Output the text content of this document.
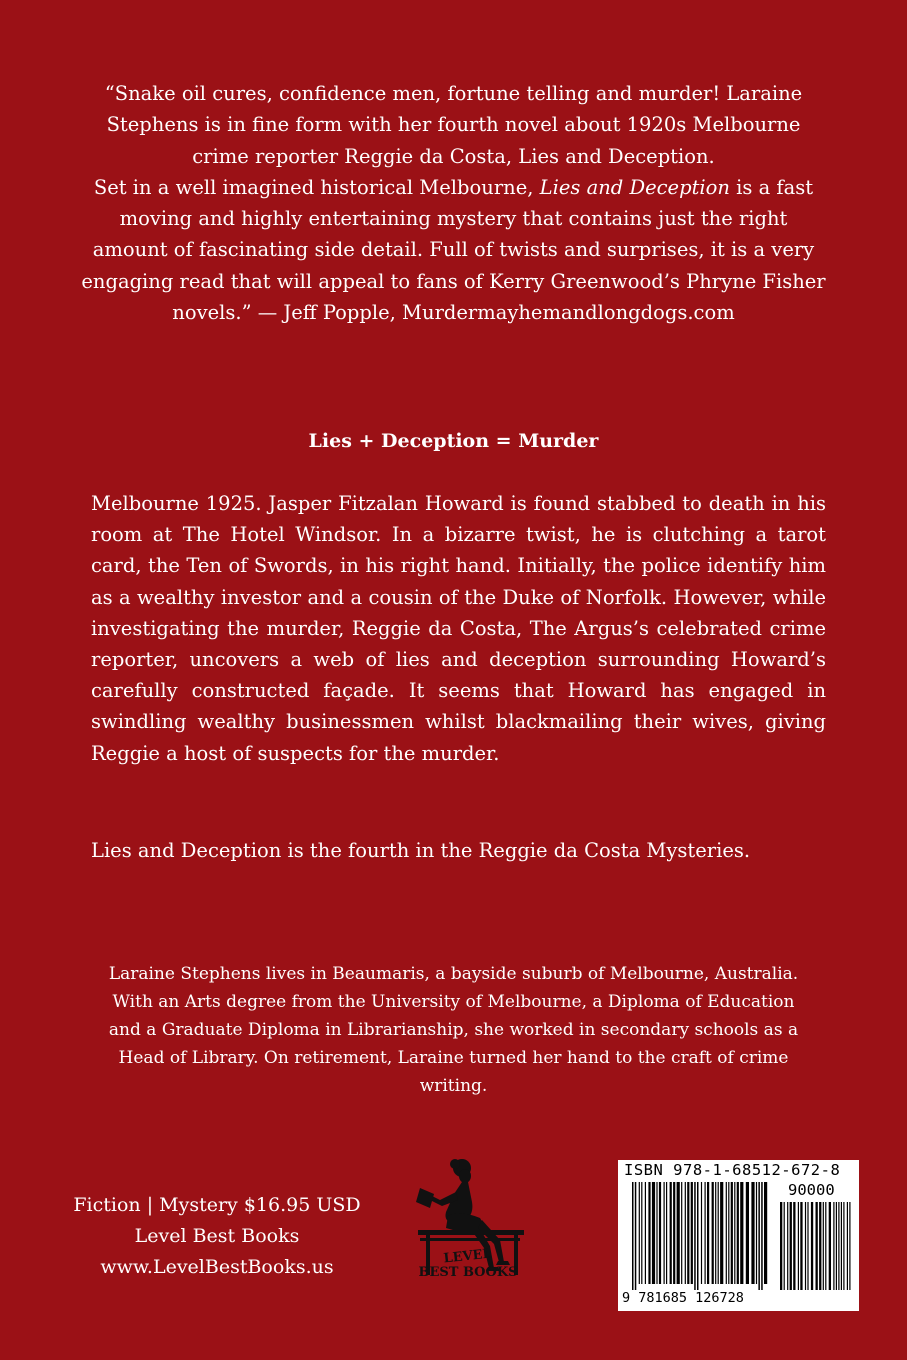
“Snake oil cures, confidence men, fortune telling and murder! Laraine Stephens is in fine form with her fourth novel about 1920s Melbourne crime reporter Reggie da Costa, Lies and Deception.
Set in a well imagined historical Melbourne, Lies and Deception is a fast moving and highly entertaining mystery that contains just the right amount of fascinating side detail. Full of twists and surprises, it is a very engaging read that will appeal to fans of Kerry Greenwood’s Phryne Fisher novels.” — Jeff Popple, Murdermayhemandlongdogs.com
Lies + Deception = Murder
Melbourne 1925. Jasper Fitzalan Howard is found stabbed to death in his room at The Hotel Windsor. In a bizarre twist, he is clutching a tarot card, the Ten of Swords, in his right hand. Initially, the police identify him as a wealthy investor and a cousin of the Duke of Norfolk. However, while investigating the murder, Reggie da Costa, The Argus’s celebrated crime reporter, uncovers a web of lies and deception surrounding Howard’s carefully constructed façade. It seems that Howard has engaged in swindling wealthy businessmen whilst blackmailing their wives, giving Reggie a host of suspects for the murder.
Lies and Deception is the fourth in the Reggie da Costa Mysteries.
Laraine Stephens lives in Beaumaris, a bayside suburb of Melbourne, Australia. With an Arts degree from the University of Melbourne, a Diploma of Education and a Graduate Diploma in Librarianship, she worked in secondary schools as a Head of Library. On retirement, Laraine turned her hand to the craft of crime writing.
Fiction | Mystery $16.95 USD
Level Best Books
www.LevelBestBooks.us	LEVEL
BEST BOOKS
ISBN 978-1-68512-672-8
90000
9 781685 126728
